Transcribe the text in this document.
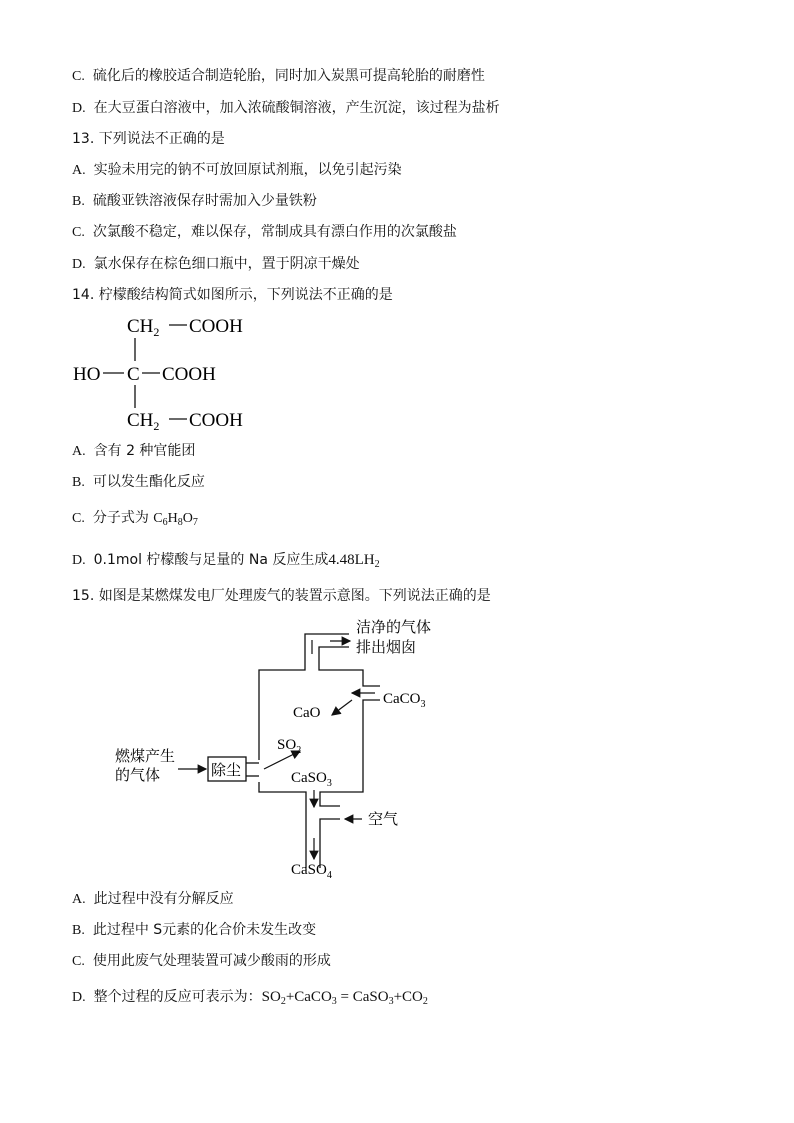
C. 硫化后的橡胶适合制造轮胎，同时加入炭黑可提高轮胎的耐磨性
D. 在大豆蛋白溶液中，加入浓硫酸铜溶液，产生沉淀，该过程为盐析
13. 下列说法不正确的是
A. 实验未用完的钠不可放回原试剂瓶，以免引起污染
B. 硫酸亚铁溶液保存时需加入少量铁粉
C. 次氯酸不稳定，难以保存，常制成具有漂白作用的次氯酸盐
D. 氯水保存在棕色细口瓶中，置于阴凉干燥处
14. 柠檬酸结构简式如图所示，下列说法不正确的是
$CH_2$ COOH
HO C COOH
$CH_2$ COOH
A. 含有 2 种官能团
B. 可以发生酯化反应
C. 分子式为 $C_6H_8O_7$
D. 0.1mol 柠檬酸与足量的 Na 反应生成$4.48LH_2$
15. 如图是某燃煤发电厂处理废气的装置示意图。下列说法正确的是
洁净的气体
排出烟囱
CaCO$_3$
CaO
$SO_2$
CaSO$_3$
燃煤产生
的气体	除尘
空气
CaSO$_4$
A. 此过程中没有分解反应
B. 此过程中 S元素的化合价未发生改变
C. 使用此废气处理装置可减少酸雨的形成
D. 整个过程的反应可表示为：$SO_2+CaCO_3$ = $CaSO_3+CO_2$
